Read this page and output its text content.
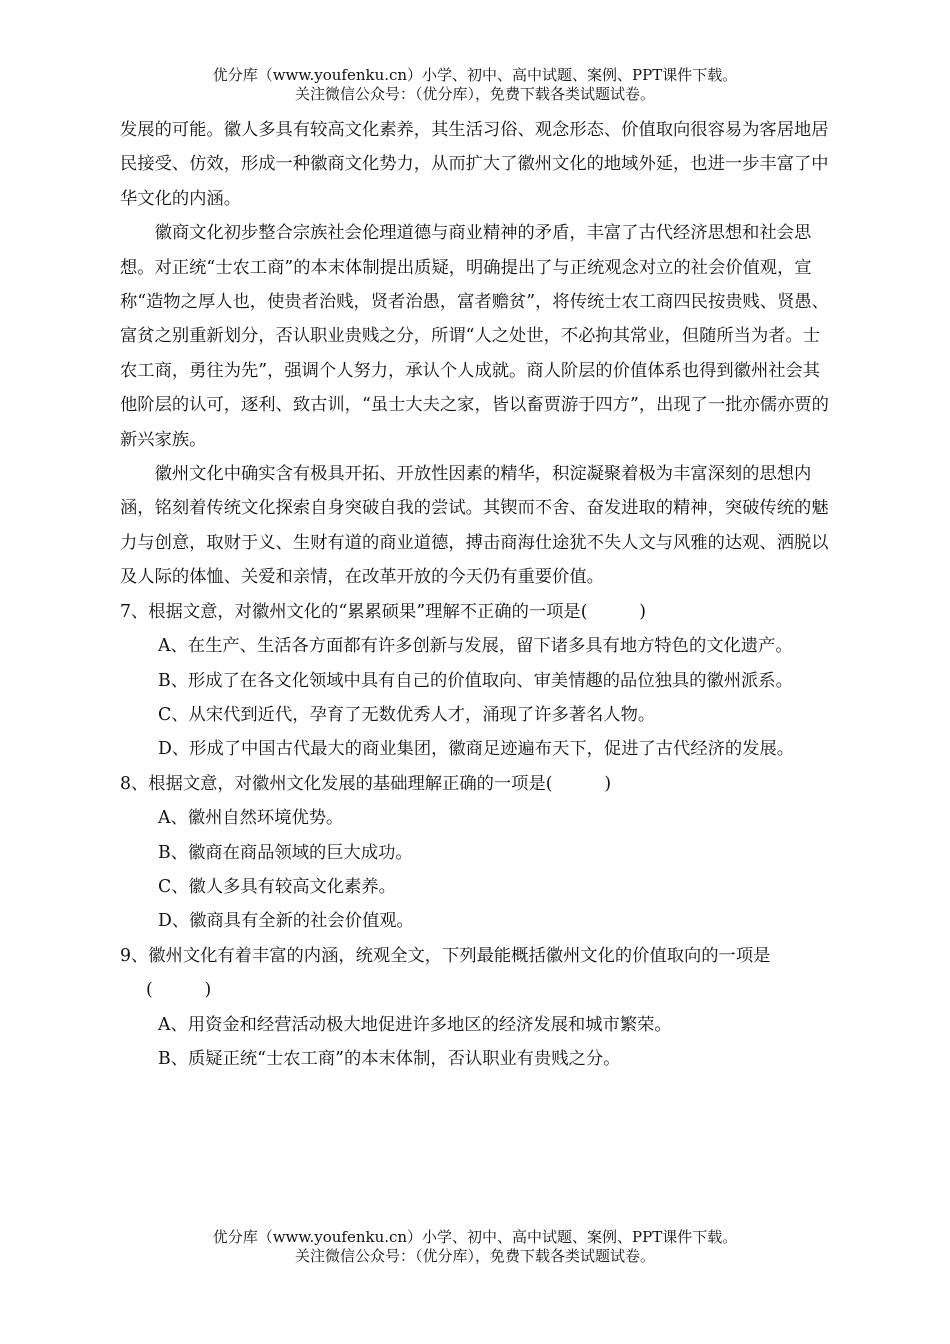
优分库（www.youfenku.cn）小学、初中、高中试题、案例、PPT课件下载。
关注微信公众号：（优分库），免费下载各类试题试卷。

发展的可能。徽人多具有较高文化素养，其生活习俗、观念形态、价值取向很容易为客居地居民接受、仿效，形成一种徽商文化势力，从而扩大了徽州文化的地域外延，也进一步丰富了中华文化的内涵。

徽商文化初步整合宗族社会伦理道德与商业精神的矛盾，丰富了古代经济思想和社会思想。对正统“士农工商”的本末体制提出质疑，明确提出了与正统观念对立的社会价值观，宣称“造物之厚人也，使贵者治贱，贤者治愚，富者赡贫”，将传统士农工商四民按贵贱、贤愚、富贫之别重新划分，否认职业贵贱之分，所谓“人之处世，不必拘其常业，但随所当为者。士农工商，勇往为先”，强调个人努力，承认个人成就。商人阶层的价值体系也得到徽州社会其他阶层的认可，逐利、致古训，“虽士大夫之家，皆以畜贾游于四方”，出现了一批亦儒亦贾的新兴家族。

徽州文化中确实含有极具开拓、开放性因素的精华，积淀凝聚着极为丰富深刻的思想内涵，铭刻着传统文化探索自身突破自我的尝试。其锲而不舍、奋发进取的精神，突破传统的魅力与创意，取财于义、生财有道的商业道德，搏击商海仕途犹不失人文与风雅的达观、洒脱以及人际的体恤、关爱和亲情，在改革开放的今天仍有重要价值。

7、根据文意，对徽州文化的“累累硕果”理解不正确的一项是(　　　)

A、在生产、生活各方面都有许多创新与发展，留下诸多具有地方特色的文化遗产。

B、形成了在各文化领域中具有自己的价值取向、审美情趣的品位独具的徽州派系。

C、从宋代到近代，孕育了无数优秀人才，涌现了许多著名人物。

D、形成了中国古代最大的商业集团，徽商足迹遍布天下，促进了古代经济的发展。

8、根据文意，对徽州文化发展的基础理解正确的一项是(　　　)

A、徽州自然环境优势。

B、徽商在商品领域的巨大成功。

C、徽人多具有较高文化素养。

D、徽商具有全新的社会价值观。

9、徽州文化有着丰富的内涵，统观全文，下列最能概括徽州文化的价值取向的一项是(　　　)

A、用资金和经营活动极大地促进许多地区的经济发展和城市繁荣。

B、质疑正统“士农工商”的本末体制，否认职业有贵贱之分。

优分库（www.youfenku.cn）小学、初中、高中试题、案例、PPT课件下载。
关注微信公众号：（优分库），免费下载各类试题试卷。
